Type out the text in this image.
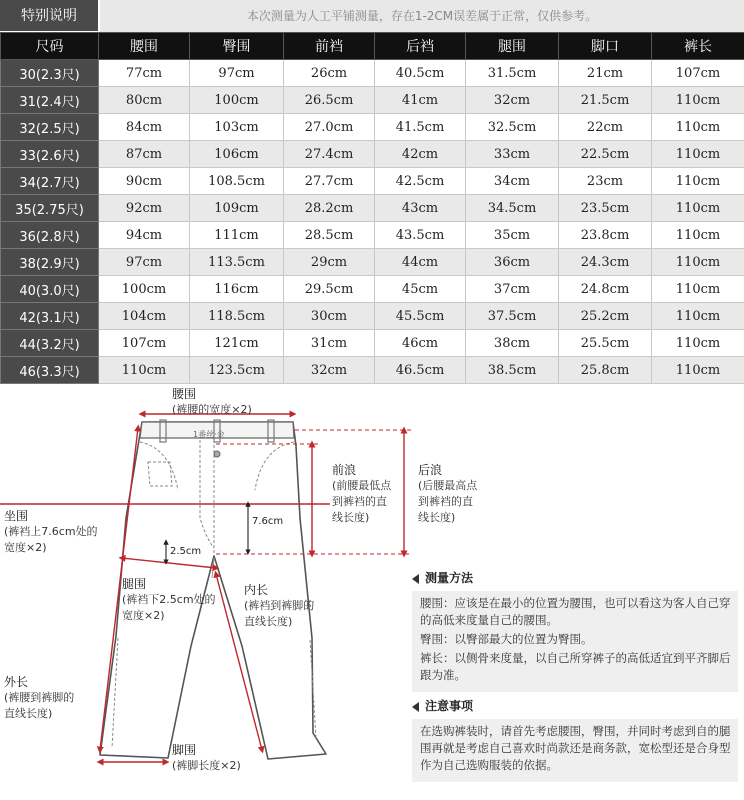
特别说明	本次测量为人工平铺测量，存在1-2CM误差属于正常，仅供参考。
尺码	腰围	臀围	前裆	后裆	腿围	脚口	裤长
30(2.3尺)	77cm	97cm	26cm	40.5cm	31.5cm	21cm	107cm
31(2.4尺)	80cm	100cm	26.5cm	41cm	32cm	21.5cm	110cm
32(2.5尺)	84cm	103cm	27.0cm	41.5cm	32.5cm	22cm	110cm
33(2.6尺)	87cm	106cm	27.4cm	42cm	33cm	22.5cm	110cm
34(2.7尺)	90cm	108.5cm	27.7cm	42.5cm	34cm	23cm	110cm
35(2.75尺)	92cm	109cm	28.2cm	43cm	34.5cm	23.5cm	110cm
36(2.8尺)	94cm	111cm	28.5cm	43.5cm	35cm	23.8cm	110cm
38(2.9尺)	97cm	113.5cm	29cm	44cm	36cm	24.3cm	110cm
40(3.0尺)	100cm	116cm	29.5cm	45cm	37cm	24.8cm	110cm
42(3.1尺)	104cm	118.5cm	30cm	45.5cm	37.5cm	25.2cm	110cm
44(3.2尺)	107cm	121cm	31cm	46cm	38cm	25.5cm	110cm
46(3.3尺)	110cm	123.5cm	32cm	46.5cm	38.5cm	25.8cm	110cm
腰围
(裤腰的宽度×2)
1番丝·金
前浪
(前腰最低点
到裤裆的直
线长度)
后浪
(后腰最高点
到裤裆的直
线长度)
坐围
(裤裆上7.6cm处的
宽度×2)
7.6cm
2.5cm
腿围
(裤裆下2.5cm处的
宽度×2)
内长
(裤裆到裤脚的
直线长度)
外长
(裤腰到裤脚的
直线长度)
脚围
(裤脚长度×2)
测量方法

腰围：应该是在最小的位置为腰围，也可以看这为客人自己穿的高低来度量自己的腰围。

臀围：以臀部最大的位置为臀围。

裤长：以侧骨来度量，以自己所穿裤子的高低适宜到平齐脚后跟为准。

注意事项

在选购裤装时，请首先考虑腰围，臀围，并同时考虑到自的腿围再就是考虑自己喜欢时尚款还是商务款，宽松型还是合身型作为自己选购服装的依据。
